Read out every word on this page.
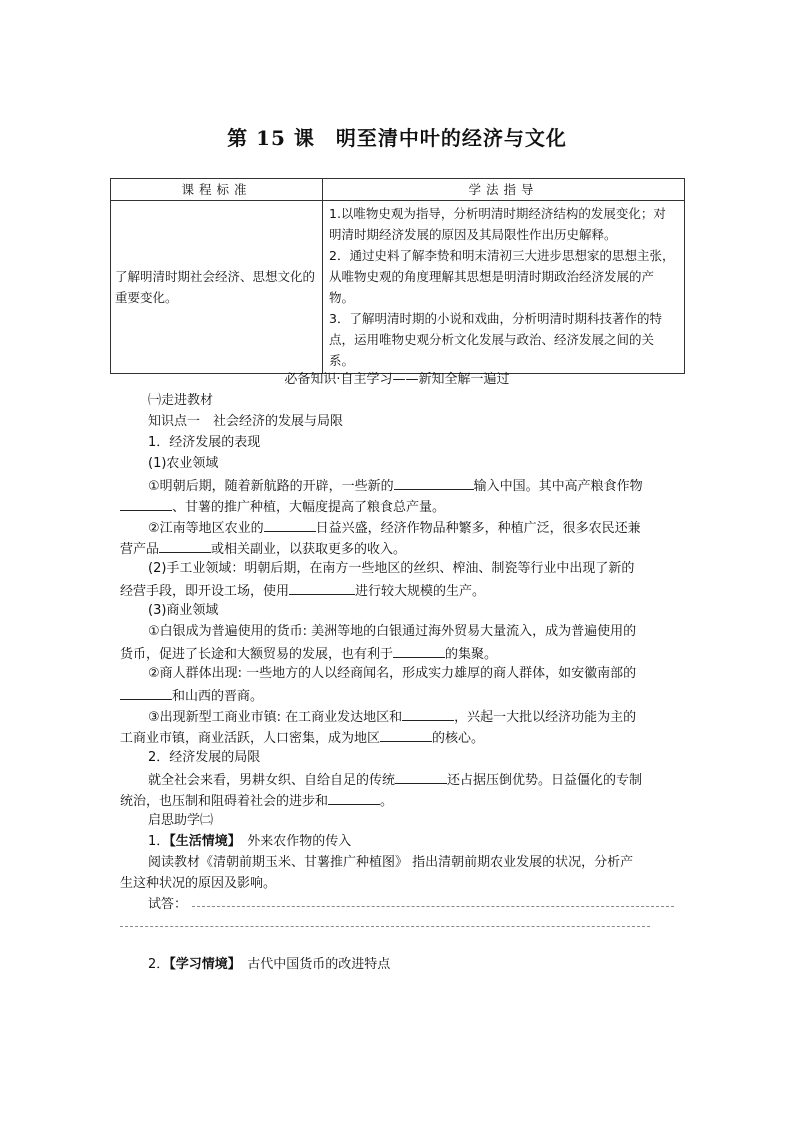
第 15 课　明至清中叶的经济与文化
课程标准	学法指导
了解明清时期社会经济、思想文化的重要变化。	1.以唯物史观为指导，分析明清时期经济结构的发展变化；对明清时期经济发展的原因及其局限性作出历史解释。

2．通过史料了解李贽和明末清初三大进步思想家的思想主张，从唯物史观的角度理解其思想是明清时期政治经济发展的产物。

3．了解明清时期的小说和戏曲，分析明清时期科技著作的特点，运用唯物史观分析文化发展与政治、经济发展之间的关系。

必备知识·自主学习——新知全解一遍过
㈠走进教材
知识点一　社会经济的发展与局限
1．经济发展的表现
(1)农业领域
①明朝后期，随着新航路的开辟，一些新的	输入中国。其中高产粮食作物
、甘薯的推广种植，大幅度提高了粮食总产量。
②江南等地区农业的	日益兴盛，经济作物品种繁多，种植广泛，很多农民还兼
营产品	或相关副业，以获取更多的收入。
(2)手工业领域：明朝后期，在南方一些地区的丝织、榨油、制瓷等行业中出现了新的
经营手段，即开设工场，使用	进行较大规模的生产。
(3)商业领域
①白银成为普遍使用的货币: 美洲等地的白银通过海外贸易大量流入，成为普遍使用的
货币，促进了长途和大额贸易的发展，也有利于	的集聚。
②商人群体出现: 一些地方的人以经商闻名，形成实力雄厚的商人群体，如安徽南部的
和山西的晋商。
③出现新型工商业市镇: 在工商业发达地区和	，兴起一大批以经济功能为主的
工商业市镇，商业活跃，人口密集，成为地区	的核心。
2．经济发展的局限
就全社会来看，男耕女织、自给自足的传统	还占据压倒优势。日益僵化的专制
统治，也压制和阻碍着社会的进步和	。
启思助学㈡
1．【生活情境】　外来农作物的传入
阅读教材《清朝前期玉米、甘薯推广种植图》 指出清朝前期农业发展的状况，分析产
生这种状况的原因及影响。
试答：
2．【学习情境】　古代中国货币的改进特点
